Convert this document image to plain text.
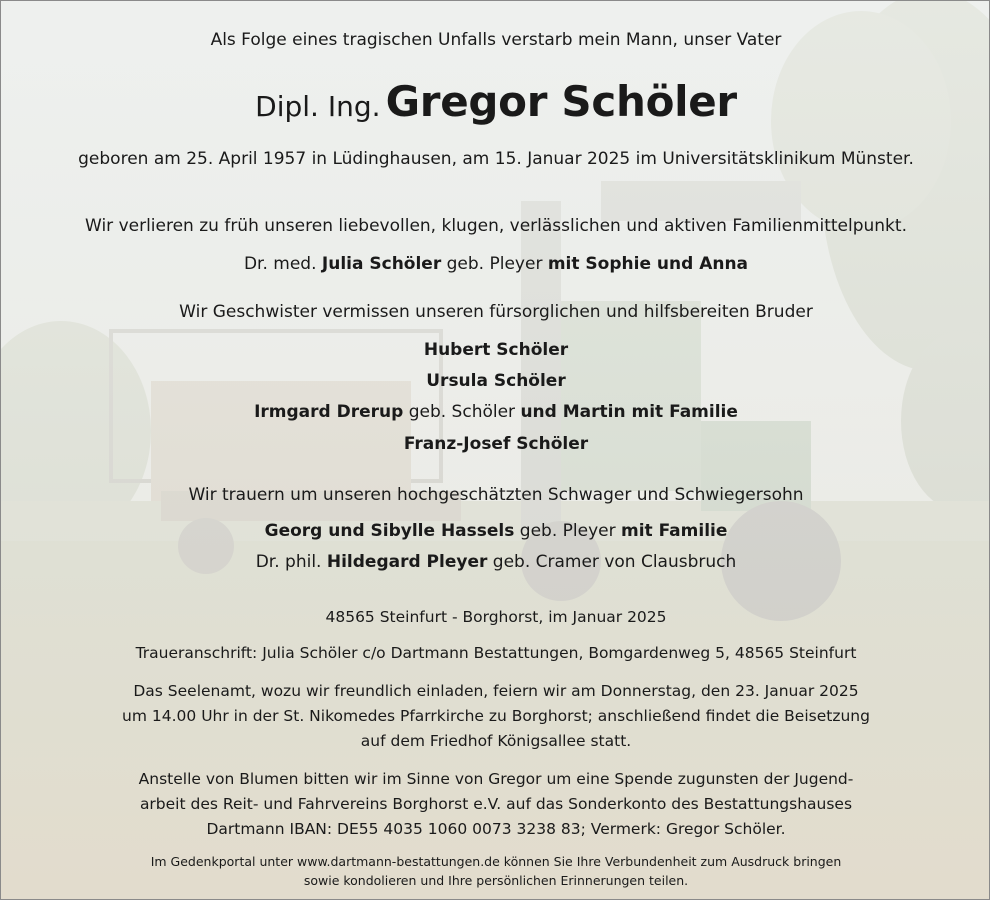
Als Folge eines tragischen Unfalls verstarb mein Mann, unser Vater
Dipl. Ing. Gregor Schöler
geboren am 25. April 1957 in Lüdinghausen, am 15. Januar 2025 im Universitätsklinikum Münster.
Wir verlieren zu früh unseren liebevollen, klugen, verlässlichen und aktiven Familienmittelpunkt.
Dr. med. Julia Schöler geb. Pleyer mit Sophie und Anna
Wir Geschwister vermissen unseren fürsorglichen und hilfsbereiten Bruder
Hubert Schöler
Ursula Schöler
Irmgard Drerup geb. Schöler und Martin mit Familie
Franz-Josef Schöler
Wir trauern um unseren hochgeschätzten Schwager und Schwiegersohn
Georg und Sibylle Hassels geb. Pleyer mit Familie
Dr. phil. Hildegard Pleyer geb. Cramer von Clausbruch
48565 Steinfurt - Borghorst, im Januar 2025
Traueranschrift: Julia Schöler c/o Dartmann Bestattungen, Bomgardenweg 5, 48565 Steinfurt
Das Seelenamt, wozu wir freundlich einladen, feiern wir am Donnerstag, den 23. Januar 2025
um 14.00 Uhr in der St. Nikomedes Pfarrkirche zu Borghorst; anschließend findet die Beisetzung
auf dem Friedhof Königsallee statt.
Anstelle von Blumen bitten wir im Sinne von Gregor um eine Spende zugunsten der Jugend-
arbeit des Reit- und Fahrvereins Borghorst e.V. auf das Sonderkonto des Bestattungshauses
Dartmann IBAN: DE55 4035 1060 0073 3238 83; Vermerk: Gregor Schöler.
Im Gedenkportal unter www.dartmann-bestattungen.de können Sie Ihre Verbundenheit zum Ausdruck bringen
sowie kondolieren und Ihre persönlichen Erinnerungen teilen.
